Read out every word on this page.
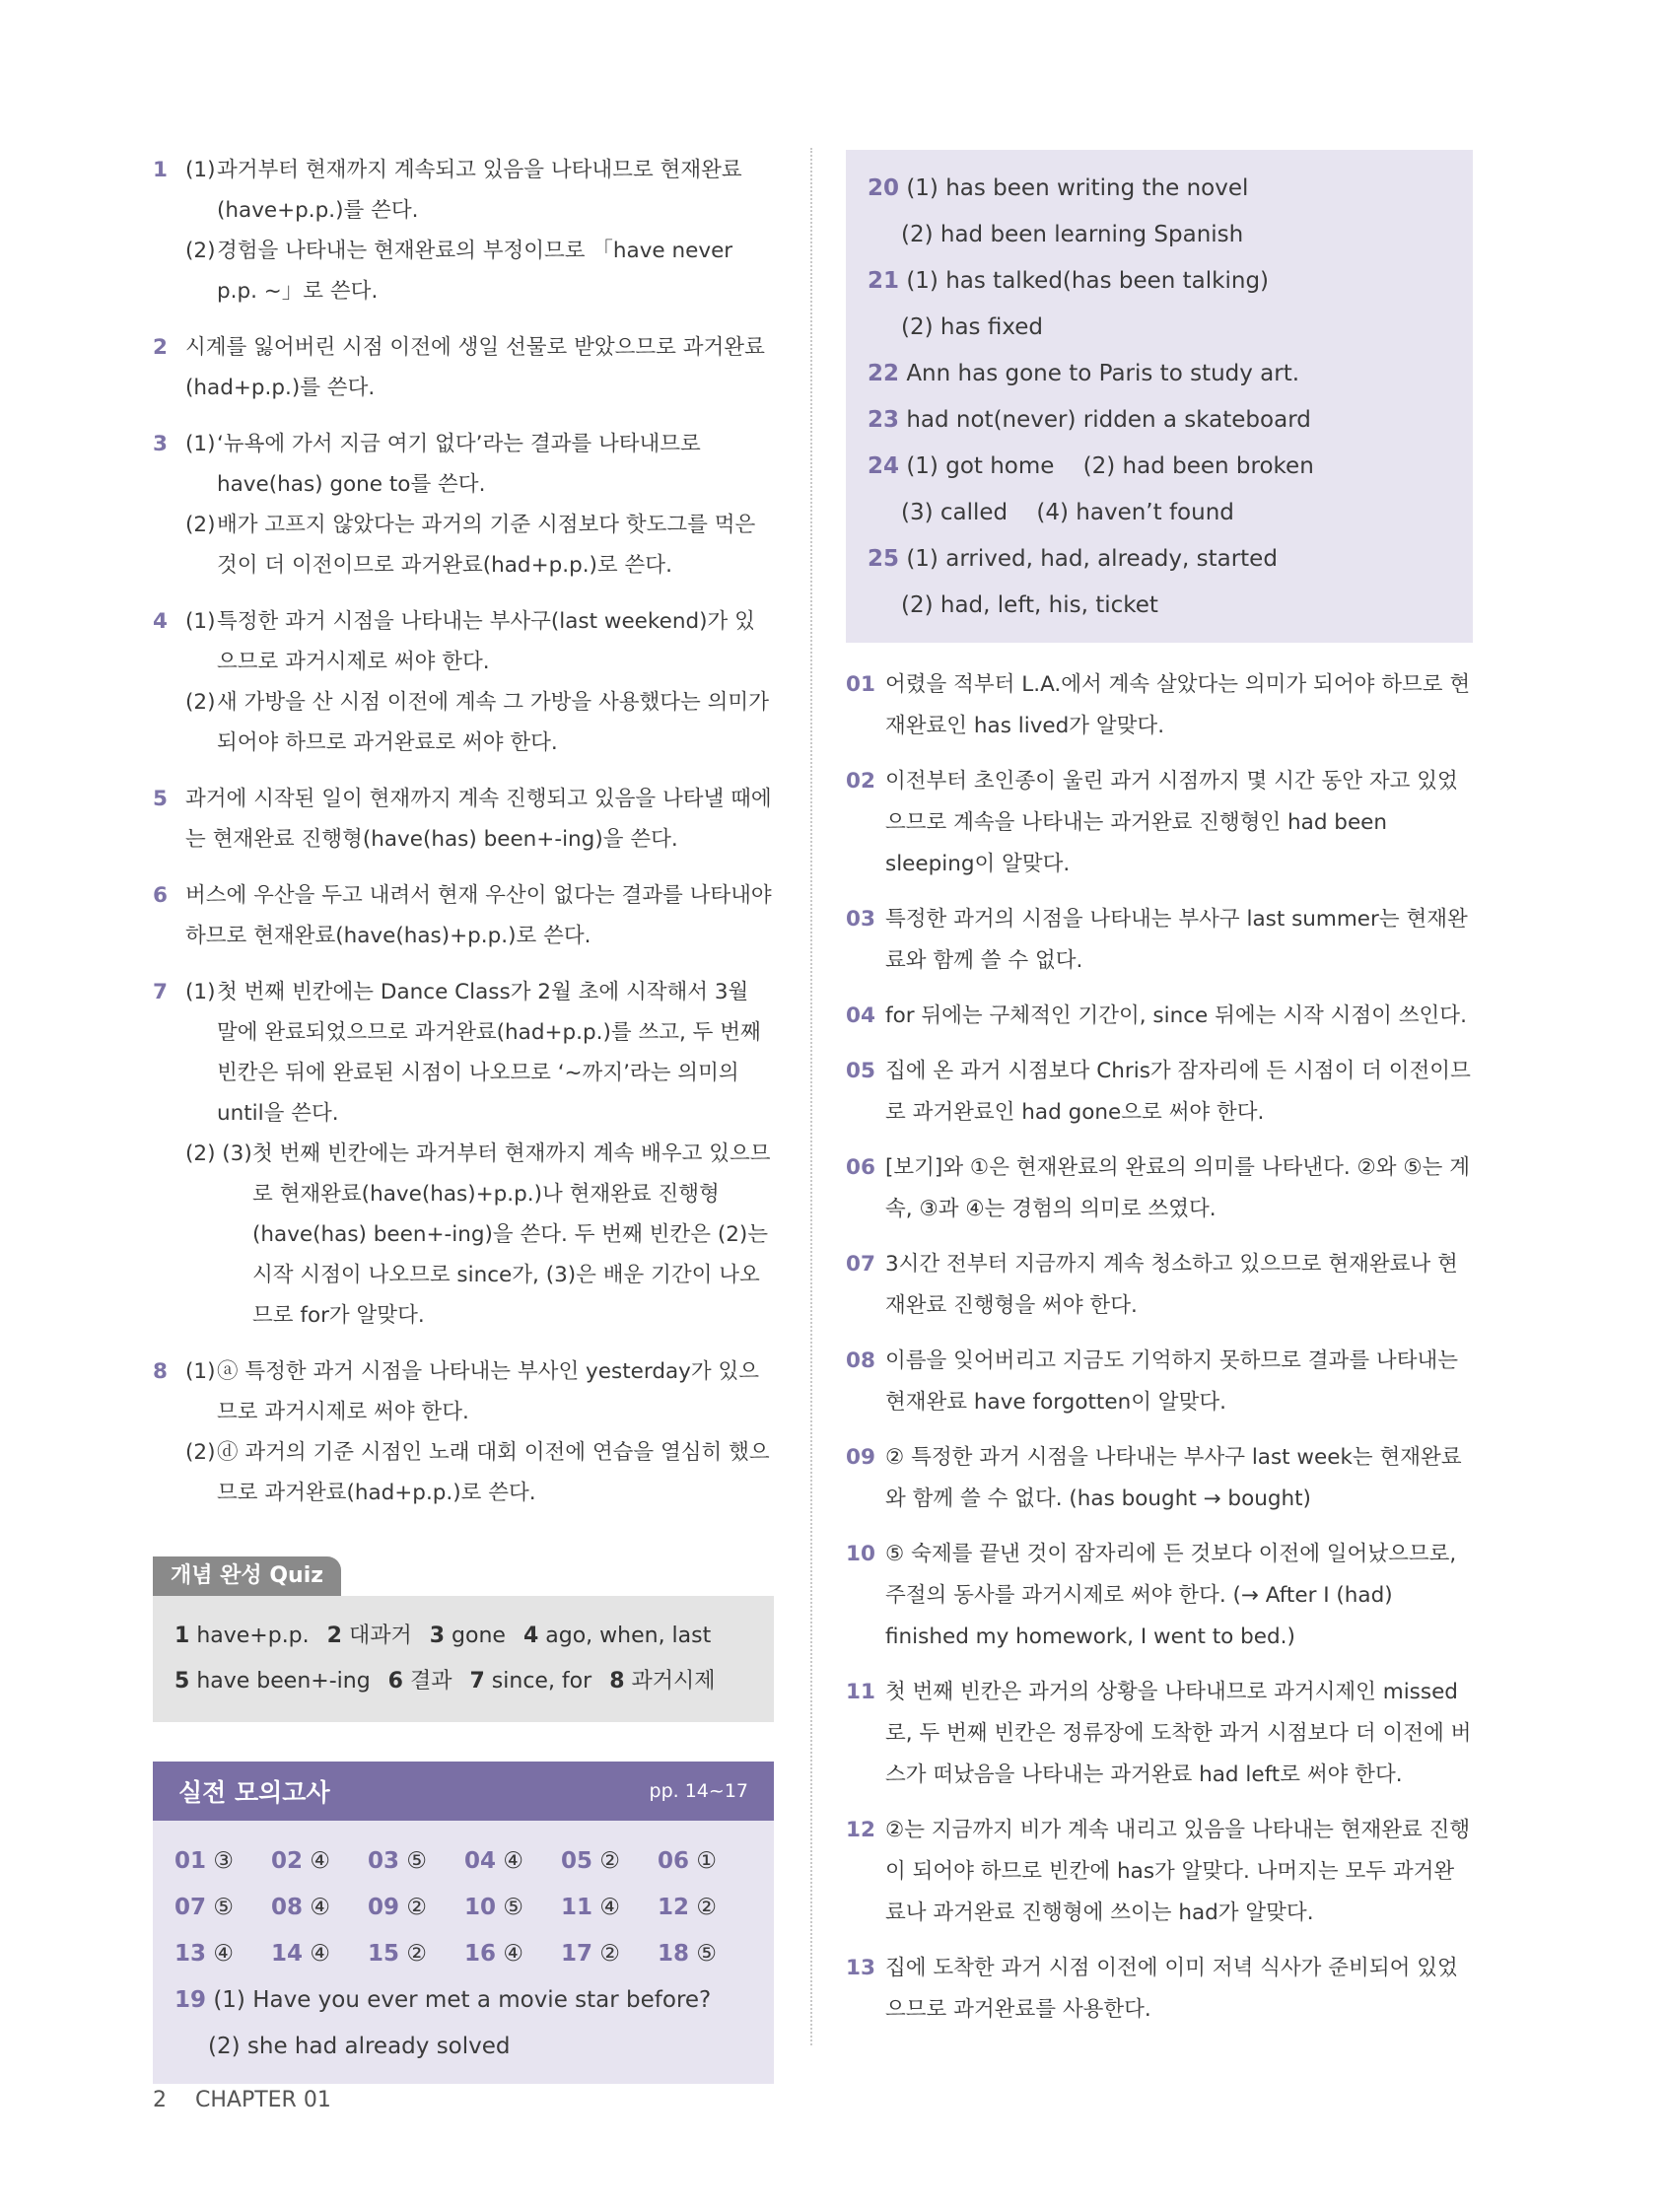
1 (1) 과거부터 현재까지 계속되고 있음을 나타내므로 현재완료(have+p.p.)를 쓴다.
(2) 경험을 나타내는 현재완료의 부정이므로 「have never p.p. ~」로 쓴다.
2 시계를 잃어버린 시점 이전에 생일 선물로 받았으므로 과거완료(had+p.p.)를 쓴다.
3 (1) ‘뉴욕에 가서 지금 여기 없다’라는 결과를 나타내므로 have(has) gone to를 쓴다.
(2) 배가 고프지 않았다는 과거의 기준 시점보다 핫도그를 먹은 것이 더 이전이므로 과거완료(had+p.p.)로 쓴다.
4 (1) 특정한 과거 시점을 나타내는 부사구(last weekend)가 있으므로 과거시제로 써야 한다.
(2) 새 가방을 산 시점 이전에 계속 그 가방을 사용했다는 의미가 되어야 하므로 과거완료로 써야 한다.
5 과거에 시작된 일이 현재까지 계속 진행되고 있음을 나타낼 때에는 현재완료 진행형(have(has) been+-ing)을 쓴다.
6 버스에 우산을 두고 내려서 현재 우산이 없다는 결과를 나타내야 하므로 현재완료(have(has)+p.p.)로 쓴다.
7 (1) 첫 번째 빈칸에는 Dance Class가 2월 초에 시작해서 3월 말에 완료되었으므로 과거완료(had+p.p.)를 쓰고, 두 번째 빈칸은 뒤에 완료된 시점이 나오므로 ‘~까지’라는 의미의 until을 쓴다.
(2) (3) 첫 번째 빈칸에는 과거부터 현재까지 계속 배우고 있으므로 현재완료(have(has)+p.p.)나 현재완료 진행형(have(has) been+-ing)을 쓴다. 두 번째 빈칸은 (2)는 시작 시점이 나오므로 since가, (3)은 배운 기간이 나오므로 for가 알맞다.
8 (1) ⓐ 특정한 과거 시점을 나타내는 부사인 yesterday가 있으므로 과거시제로 써야 한다.
(2) ⓓ 과거의 기준 시점인 노래 대회 이전에 연습을 열심히 했으므로 과거완료(had+p.p.)로 쓴다.
개념 완성 Quiz
1 have+p.p. 2 대과거 3 gone 4 ago, when, last
5 have been+-ing 6 결과 7 since, for 8 과거시제
실전 모의고사	pp. 14~17
01 ③	02 ④	03 ⑤	04 ④	05 ②	06 ①
07 ⑤	08 ④	09 ②	10 ⑤	11 ④	12 ②
13 ④	14 ④	15 ②	16 ④	17 ②	18 ⑤
19 (1) Have you ever met a movie star before?
(2) she had already solved
20 (1) has been writing the novel
(2) had been learning Spanish
21 (1) has talked(has been talking)
(2) has fixed
22 Ann has gone to Paris to study art.
23 had not(never) ridden a skateboard
24 (1) got home    (2) had been broken
(3) called    (4) haven’t found
25 (1) arrived, had, already, started
(2) had, left, his, ticket
01 어렸을 적부터 L.A.에서 계속 살았다는 의미가 되어야 하므로 현재완료인 has lived가 알맞다.
02 이전부터 초인종이 울린 과거 시점까지 몇 시간 동안 자고 있었으므로 계속을 나타내는 과거완료 진행형인 had been sleeping이 알맞다.
03 특정한 과거의 시점을 나타내는 부사구 last summer는 현재완료와 함께 쓸 수 없다.
04 for 뒤에는 구체적인 기간이, since 뒤에는 시작 시점이 쓰인다.
05 집에 온 과거 시점보다 Chris가 잠자리에 든 시점이 더 이전이므로 과거완료인 had gone으로 써야 한다.
06 [보기]와 ①은 현재완료의 완료의 의미를 나타낸다. ②와 ⑤는 계속, ③과 ④는 경험의 의미로 쓰였다.
07 3시간 전부터 지금까지 계속 청소하고 있으므로 현재완료나 현재완료 진행형을 써야 한다.
08 이름을 잊어버리고 지금도 기억하지 못하므로 결과를 나타내는 현재완료 have forgotten이 알맞다.
09 ② 특정한 과거 시점을 나타내는 부사구 last week는 현재완료와 함께 쓸 수 없다. (has bought → bought)
10 ⑤ 숙제를 끝낸 것이 잠자리에 든 것보다 이전에 일어났으므로, 주절의 동사를 과거시제로 써야 한다. (→ After I (had) finished my homework, I went to bed.)
11 첫 번째 빈칸은 과거의 상황을 나타내므로 과거시제인 missed로, 두 번째 빈칸은 정류장에 도착한 과거 시점보다 더 이전에 버스가 떠났음을 나타내는 과거완료 had left로 써야 한다.
12 ②는 지금까지 비가 계속 내리고 있음을 나타내는 현재완료 진행이 되어야 하므로 빈칸에 has가 알맞다. 나머지는 모두 과거완료나 과거완료 진행형에 쓰이는 had가 알맞다.
13 집에 도착한 과거 시점 이전에 이미 저녁 식사가 준비되어 있었으므로 과거완료를 사용한다.
2 CHAPTER 01
